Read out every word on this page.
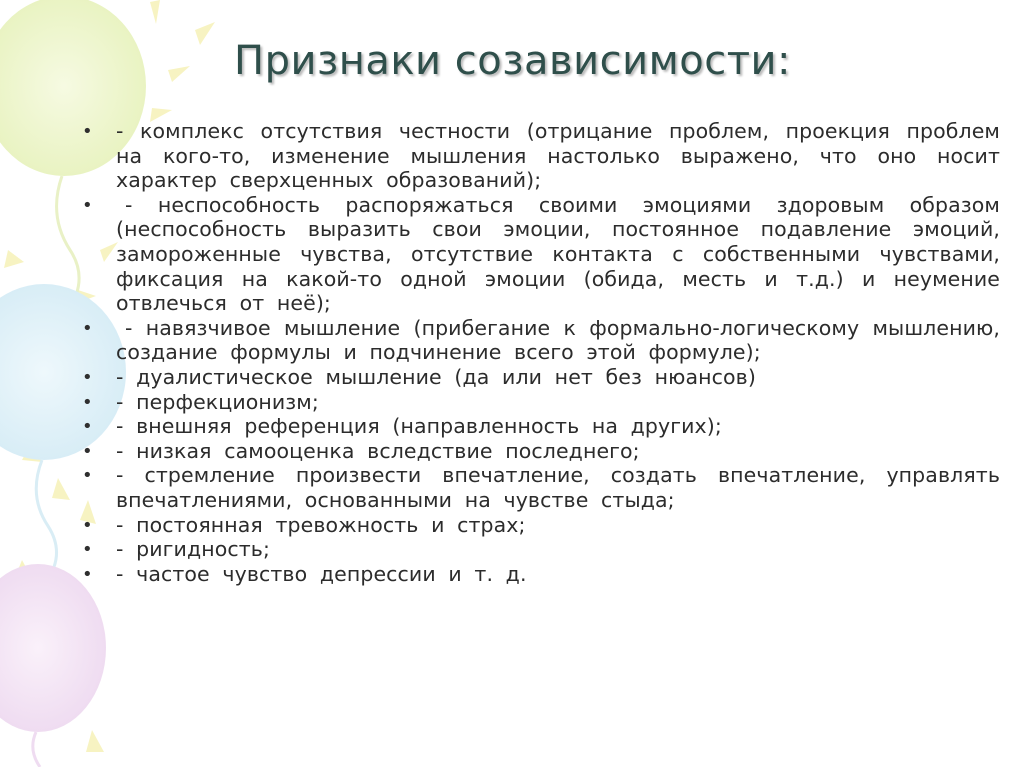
Признаки созависимости:
• - комплекс отсутствия честности (отрицание проблем, проекция проблем на кого-то, изменение мышления настолько выражено, что оно носит характер сверхценных образований);
•	- неспособность распоряжаться своими эмоциями здоровым образом (неспособность выразить свои эмоции, постоянное подавление эмоций, замороженные чувства, отсутствие контакта с собственными чувствами, фиксация на какой-то одной эмоции (обида, месть и т.д.) и неумение отвлечься от неё);
•	- навязчивое мышление (прибегание к формально-логическому мышлению, создание формулы и подчинение всего этой формуле);
• - дуалистическое мышление (да или нет без нюансов)
• - перфекционизм;
• - внешняя референция (направленность на других);
• - низкая самооценка вследствие последнего;
• - стремление произвести впечатление, создать впечатление, управлять впечатлениями, основанными на чувстве стыда;
• - постоянная тревожность и страх;
• - ригидность;
• - частое чувство депрессии и т. д.
